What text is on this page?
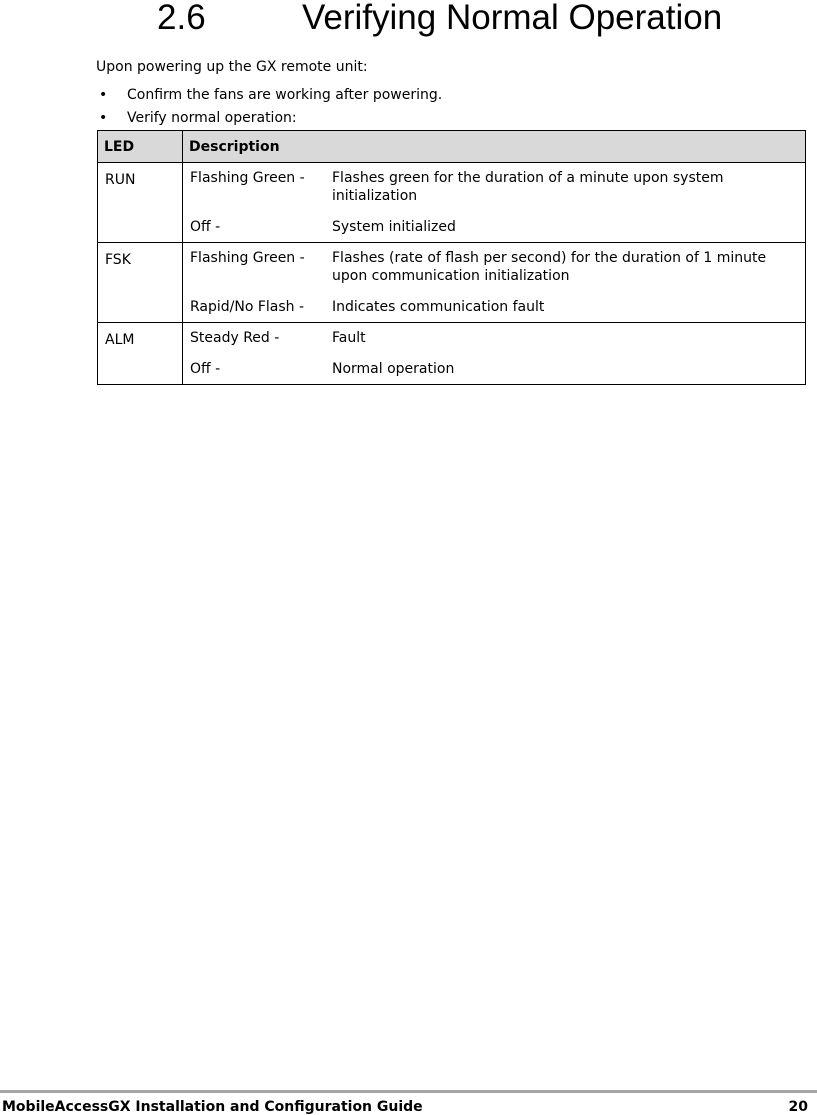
2.6	Verifying Normal Operation

Upon powering up the GX remote unit:

• Confirm the fans are working after powering.
• Verify normal operation:
LED	Description
RUN	Flashing Green - Flashes green for the duration of a minute upon system initialization
Off - System initialized

FSK	Flashing Green - Flashes (rate of flash per second) for the duration of 1 minute upon communication initialization
Rapid/No Flash - Indicates communication fault

ALM	Steady Red - Fault
Off - Normal operation
MobileAccessGX Installation and Configuration Guide	20
